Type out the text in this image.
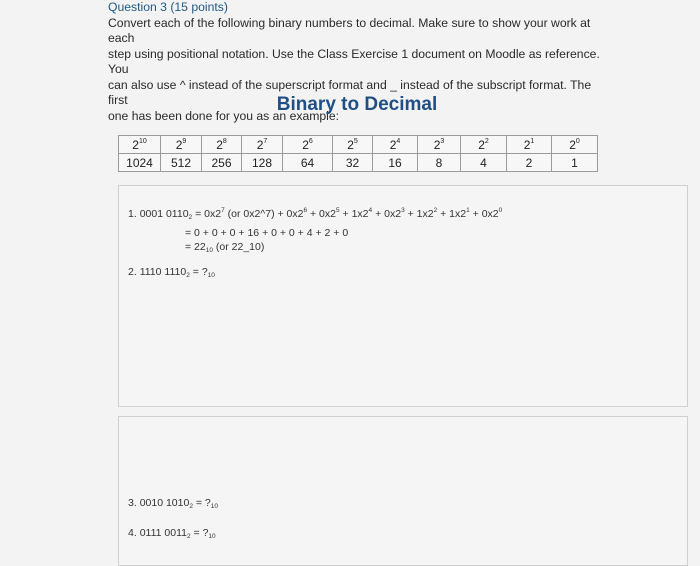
Question 3 (15 points)
Convert each of the following binary numbers to decimal. Make sure to show your work at each
step using positional notation. Use the Class Exercise 1 document on Moodle as reference. You
can also use ^ instead of the superscript format and _ instead of the subscript format. The first
one has been done for you as an example:
Binary to Decimal
$2^{10}$	$2^9$	$2^8$	$2^7$	$2^6$	$2^5$	$2^4$	$2^3$	$2^2$	$2^1$	$2^0$
1024	512	256	128	64	32	16	8	4	2	1
1. 0001 $0110_2 = 0x2^7$ (or 0x2^7) + $0x2^6 + 0x2^5 + 1x2^4 + 0x2^3 + 1x2^2 + 1x2^1 + 0x2^0$
= 0 + 0 + 0 + 16 + 0 + 0 + 4 + 2 + 0
= $22_{10}$ (or 22_10)
2. 1110 $1110_2$ = $?_{10}$
3. 0010 $1010_2$ = $?_{10}$
4. 0111 $0011_2$ = $?_{10}$
